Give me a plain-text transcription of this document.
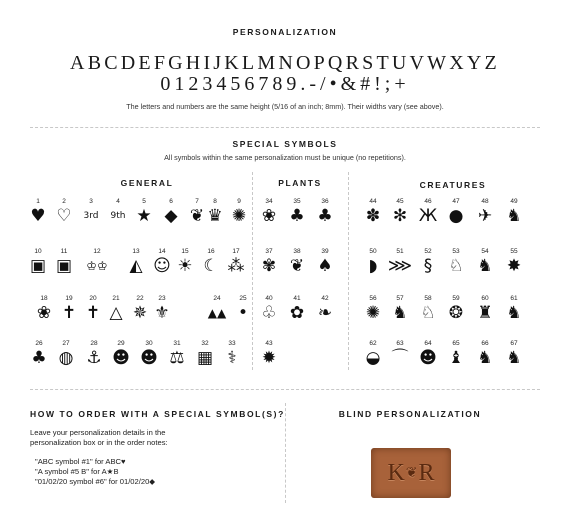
PERSONALIZATION
ABCDEFGHIJKLMNOPQRSTUVWXYZ
0123456789.-/•&#!;+
The letters and numbers are the same height (5/16 of an inch; 8mm). Their widths vary (see above).
SPECIAL SYMBOLS
All symbols within the same personalization must be unique (no repetitions).
GENERAL	PLANTS	CREATURES
1
♥
2
♡
3
3rd
4
9th
5
★
6
◆
7
❦
8
♛
9
✺
10
▣
11
▣
12
♔♔
13
◭
14
☺
15
☀
16
☾
17
⁂
18
❀
19
✝
20
✝
21
△
22
✵
23
⚜
24
▲▲
25
•
26
♣
27
◍
28
⚓
29
☻
30
☻
31
⚖
32
▦
33
⚕
34
❀
35
♣
36
♣
37
✾
38
❦
39
♠
40
♧
41
✿
42
❧
43
✹
44
✽
45
✻
46
Ж
47
●
48
✈
49
♞
50
◗
51
⋙
52
§
53
♘
54
♞
55
✸
56
✺
57
♞
58
♘
59
❂
60
♜
61
♞
62
◒
63
⌒
64
☻
65
♝
66
♞
67
♞
HOW TO ORDER WITH A SPECIAL SYMBOL(S)?
Leave your personalization details in the
personalization box or in the order notes:
"ABC symbol #1" for ABC♥
"A symbol #5 B" for A★B
"01/02/20 symbol #6" for 01/02/20◆
BLIND PERSONALIZATION
K ❦ R
